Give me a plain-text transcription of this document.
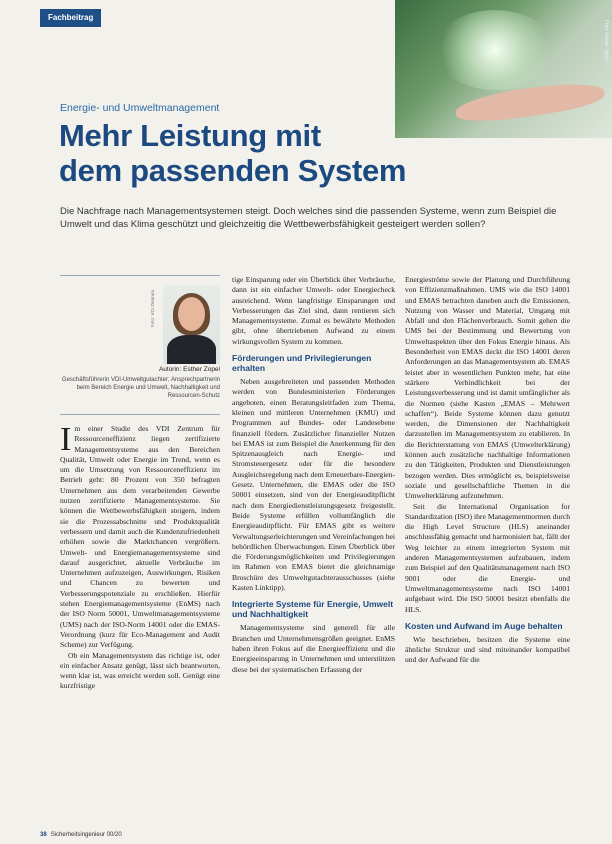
Fachbeitrag
Foto: Adobe Stock / ...
Energie- und Umweltmanagement
Mehr Leistung mit
dem passenden System
Die Nachfrage nach Managementsystemen steigt. Doch welches sind die passenden Systeme, wenn zum Beispiel die Umwelt und das Klima geschützt und gleichzeitig die Wettbewerbsfähigkeit gesteigert werden sollen?
Foto: VDI Zentrum
Autorin: Esther Zopel
Geschäftsführerin VDI-Umweltgutachter; Ansprechpartnerin beim Bereich Energie und Umwelt, Nachhaltigkeit und Ressourcen-Schutz

Im einer Studie des VDI Zentrum für Ressourceneffizienz liegen zertifizierte Managementsysteme aus den Bereichen Qualität, Umwelt oder Energie im Trend, wenn es um die Umsetzung von Ressourceneffizienz im Betrieb geht: 80 Prozent von 350 befragten Unternehmen aus dem verarbeitenden Gewerbe nutzen zertifizierte Managementsysteme. Sie können die Wettbewerbsfähigkeit steigern, indem sie die Prozessabschnitte und Produktqualität verbessern und damit auch die Kundenzufriedenheit erhöhen sowie die Marktchancen vergrößern. Umwelt- und Energiemanagementsysteme sind darauf ausgerichtet, aktuelle Verbräuche im Unternehmen aufzuzeigen, Auswirkungen, Risiken und Chancen zu bewerten und Verbesserungspotenziale zu erschließen. Hierfür stehen Energiemanagementsysteme (EnMS) nach der ISO Norm 50001, Umweltmanagementsysteme (UMS) nach der ISO-Norm 14001 oder die EMAS-Verordnung (kurz für Eco-Management and Audit Scheme) zur Verfügung.

Ob ein Managementsystem das richtige ist, oder ein einfacher Ansatz genügt, lässt sich beantworten, wenn klar ist, was erreicht werden soll. Genügt eine kurzfristige

tige Einsparung oder ein Überblick über Verbräuche, dann ist ein einfacher Umwelt- oder Energiecheck ausreichend. Wenn langfristige Einsparungen und Verbesserungen das Ziel sind, dann rentieren sich Managementsysteme. Zumal es bewährte Methoden gibt, ohne übertriebenen Aufwand zu einem wirkungsvollen System zu kommen.

Förderungen und Privilegierungen erhalten

Neben ausgebreiteten und passenden Methoden werden von Bundesministerien Förderungen angeboten, einen Beratungsleitfaden zum Thema, kleinen und mittleren Unternehmen (KMU) und Programmen auf Bundes- oder Landesebene finanziell fördern. Zusätzlicher finanzieller Nutzen bei EMAS ist zum Beispiel die Anerkennung für den Spitzenausgleich nach Energie- und Stromsteuergesetz oder für die besondere Ausgleichsregelung nach dem Erneuerbare-Energien-Gesetz. Unternehmen, die EMAS oder die ISO 50001 einsetzen, sind von der Energieauditpflicht nach dem Energiedienstleistungsgesetz freigestellt. Beide Systeme erfüllen vollumfänglich die Energieauditpflicht. Für EMAS gibt es weitere Verwaltungserleichterungen und Vereinfachungen bei behördlichen Überwachungen. Einen Überblick über die Förderungsmöglichkeiten und Privilegierungen im Rahmen von EMAS bietet die gleichnamige Broschüre des Umweltgutachterausschusses (siehe Kasten Linktipp).

Integrierte Systeme für Energie, Umwelt und Nachhaltigkeit

Managementsysteme sind generell für alle Branchen und Unternehmensgrößen geeignet. EnMS haben ihren Fokus auf die Energieeffizienz und die Energieeinsparung in Unternehmen und unterstützen diese bei der systematischen Erfassung der

Energieströme sowie der Planung und Durchführung von Effizienzmaßnahmen. UMS wie die ISO 14001 und EMAS betrachten daneben auch die Emissionen, Nutzung von Wasser und Material, Umgang mit Abfall und den Flächenverbrauch. Somit gehen die UMS bei der Bestimmung und Bewertung von Umweltaspekten über den Fokus Energie hinaus. Als Besonderheit von EMAS deckt die ISO 14001 deren Anforderungen an das Managementsystem ab. EMAS leistet aber in wesentlichen Punkten mehr, hat eine stärkere Verbindlichkeit bei der Leistungsverbesserung und ist damit umfänglicher als die Normen (siehe Kasten „EMAS – Mehrwert schaffen“). Beide Systeme können dazu genutzt werden, die Dimensionen der Nachhaltigkeit darzustellen im Managementsystem zu etablieren. In die Berichterstattung von EMAS (Umwelterklärung) können auch zusätzliche nachhaltige Informationen zu den Tätigkeiten, Produkten und Dienstleistungen bezogen werden. Dies ermöglicht es, beispielsweise soziale und gesellschaftliche Themen in die Umwelterklärung aufzunehmen.

Seit die International Organisation for Standardization (ISO) ihre Managementnormen durch die High Level Structure (HLS) aneinander anschlussfähig gemacht und harmonisiert hat, fällt der Weg leichter zu einem integrierten System mit anderen Managementsystemen aufzubauen, indem zum Beispiel auf den Qualitätsmanagement nach ISO 9001 oder die Energie- und Umweltmanagementsysteme nach ISO 14001 aufgebaut wird. Die ISO 50001 besitzt ebenfalls die HLS.

Kosten und Aufwand im Auge behalten

Wie beschrieben, besitzen die Systeme eine ähnliche Struktur und sind miteinander kompatibel und der Aufwand für die

38 Sicherheitsingenieur 00/20
